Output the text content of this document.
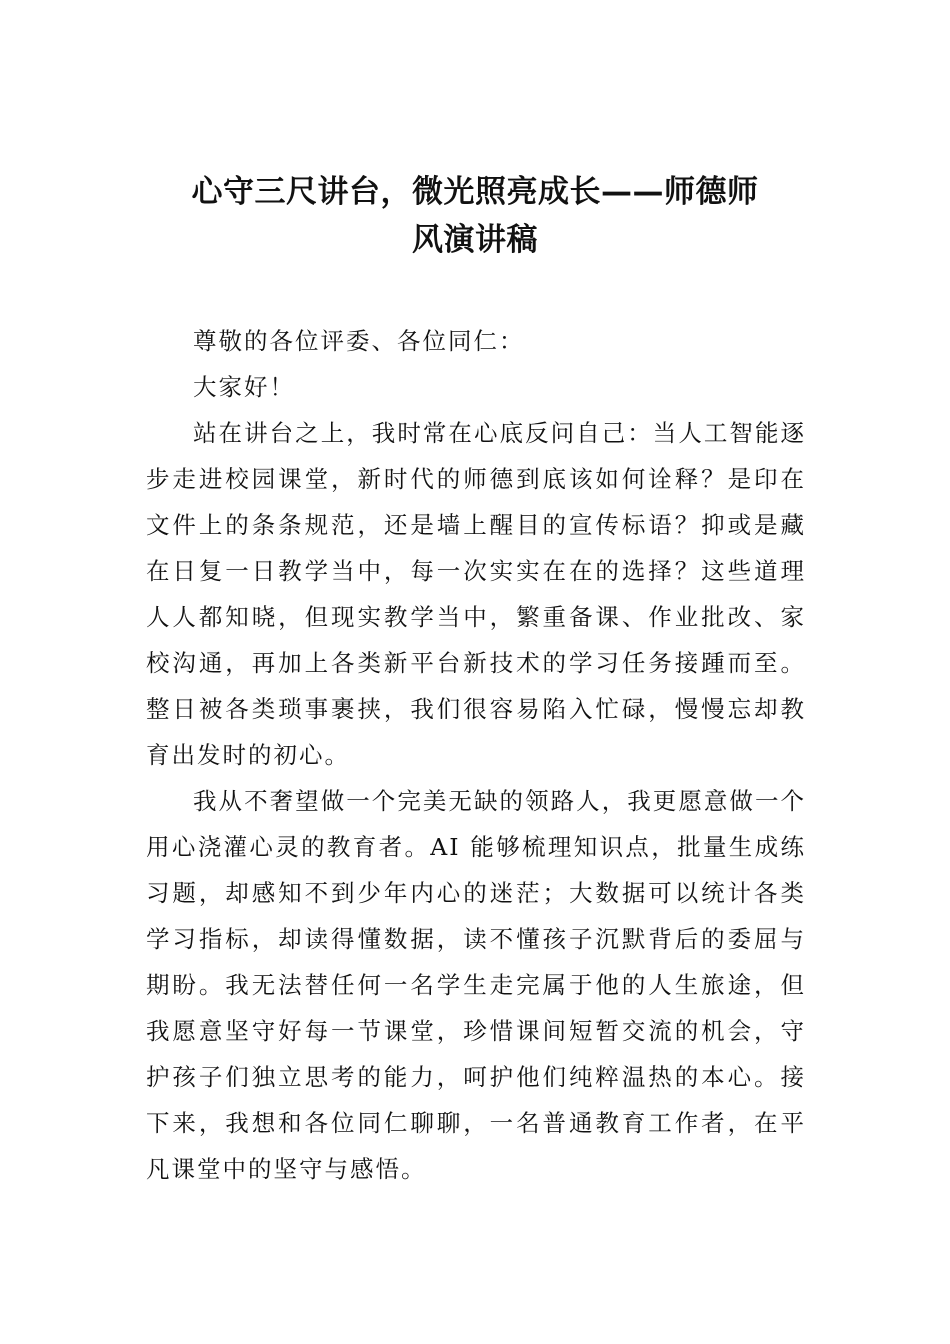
心守三尺讲台，微光照亮成长——师德师
风演讲稿

尊敬的各位评委、各位同仁：

大家好！

站在讲台之上，我时常在心底反问自己：当人工智能逐步走进校园课堂，新时代的师德到底该如何诠释？是印在文件上的条条规范，还是墙上醒目的宣传标语？抑或是藏在日复一日教学当中，每一次实实在在的选择？这些道理人人都知晓，但现实教学当中，繁重备课、作业批改、家校沟通，再加上各类新平台新技术的学习任务接踵而至。整日被各类琐事裹挟，我们很容易陷入忙碌，慢慢忘却教育出发时的初心。

我从不奢望做一个完美无缺的领路人，我更愿意做一个用心浇灌心灵的教育者。AI 能够梳理知识点，批量生成练习题，却感知不到少年内心的迷茫；大数据可以统计各类学习指标，却读得懂数据，读不懂孩子沉默背后的委屈与期盼。我无法替任何一名学生走完属于他的人生旅途，但我愿意坚守好每一节课堂，珍惜课间短暂交流的机会，守护孩子们独立思考的能力，呵护他们纯粹温热的本心。接下来，我想和各位同仁聊聊，一名普通教育工作者，在平凡课堂中的坚守与感悟。
